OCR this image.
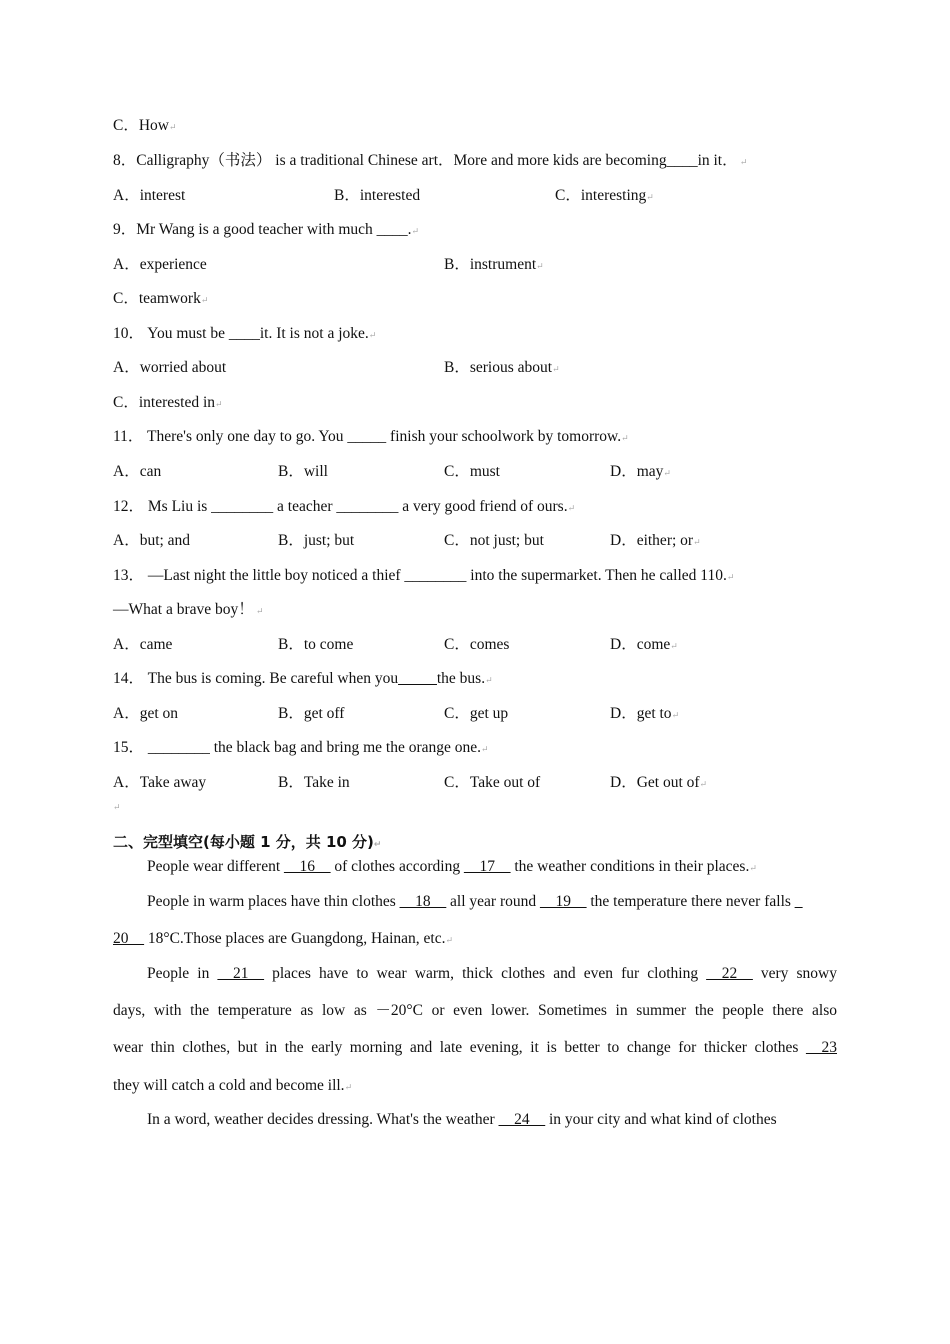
C．How↵
8．Calligraphy（书法） is a traditional Chinese art．More and more kids are becoming____in it． ↵
A．interest	B．interested	C．interesting↵
9．Mr Wang is a good teacher with much ____.↵
A．experience	B．instrument↵
C．teamwork↵
10． You must be ____it. It is not a joke.↵
A．worried about	B．serious about↵
C．interested in↵
11． There's only one day to go. You _____ finish your schoolwork by tomorrow.↵
A．can	B．will	C．must	D．may↵
12． Ms Liu is ________ a teacher ________ a very good friend of ours.↵
A．but; and	B．just; but	C．not just; but	D．either; or↵
13． —Last night the little boy noticed a thief ________ into the supermarket. Then he called 110.↵
—What a brave boy！ ↵
A．came	B．to come	C．comes	D．come↵
14． The bus is coming. Be careful when you_____the bus.↵
A．get on	B．get off	C．get up	D．get to↵
15． ________ the black bag and bring me the orange one.↵
A．Take away	B．Take in	C．Take out of	D．Get out of↵
↵
二、完型填空(每小题 1 分，共 10 分)↵
People wear different __16__ of clothes according __17__ the weather conditions in their places.↵
People in warm places have thin clothes __18__ all year round __19__ the temperature there never falls _
20__ 18°C.Those places are Guangdong, Hainan, etc.↵
People in __21__ places have to wear warm, thick clothes and even fur clothing __22__ very snowy
days, with the temperature as low as －20°C or even lower. Sometimes in summer the people there also
wear thin clothes, but in the early morning and late evening, it is better to change for thicker clothes __23
they will catch a cold and become ill.↵
In a word, weather decides dressing. What's the weather __24__ in your city and what kind of clothes
